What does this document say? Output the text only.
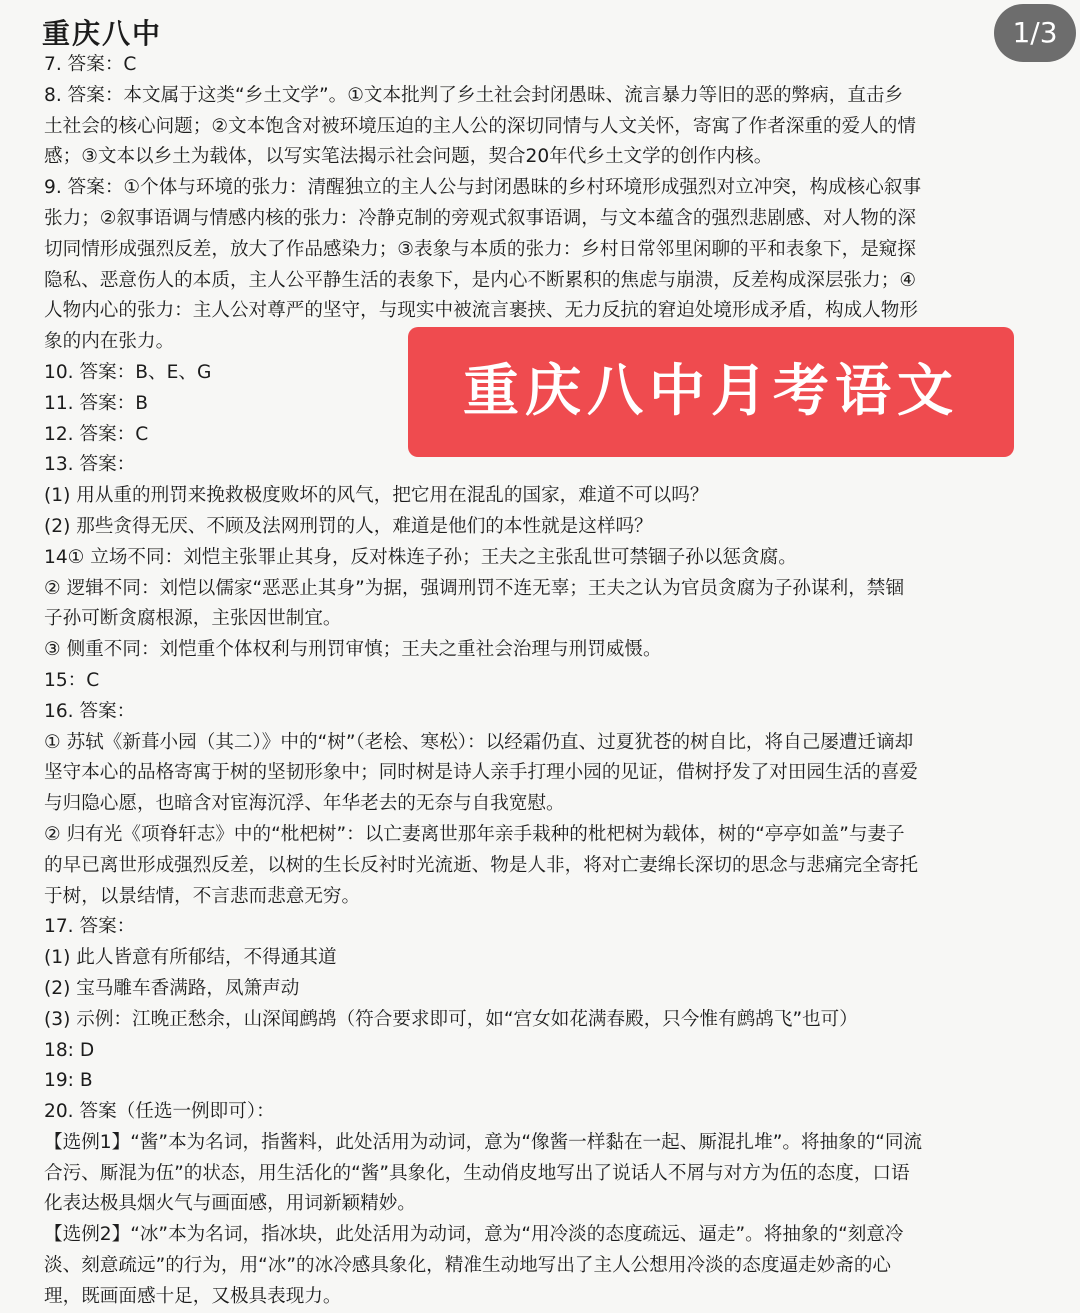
重庆八中	1/3
7. 答案：C
8. 答案：本文属于这类“乡土文学”。①文本批判了乡土社会封闭愚昧、流言暴力等旧的恶的弊病，直击乡
土社会的核心问题；②文本饱含对被环境压迫的主人公的深切同情与人文关怀，寄寓了作者深重的爱人的情
感；③文本以乡土为载体，以写实笔法揭示社会问题，契合20年代乡土文学的创作内核。
9. 答案：①个体与环境的张力：清醒独立的主人公与封闭愚昧的乡村环境形成强烈对立冲突，构成核心叙事
张力；②叙事语调与情感内核的张力：冷静克制的旁观式叙事语调，与文本蕴含的强烈悲剧感、对人物的深
切同情形成强烈反差，放大了作品感染力；③表象与本质的张力：乡村日常邻里闲聊的平和表象下，是窥探
隐私、恶意伤人的本质，主人公平静生活的表象下，是内心不断累积的焦虑与崩溃，反差构成深层张力；④
人物内心的张力：主人公对尊严的坚守，与现实中被流言裹挟、无力反抗的窘迫处境形成矛盾，构成人物形
象的内在张力。
10. 答案：B、E、G
11. 答案：B
12. 答案：C
13. 答案：
(1) 用从重的刑罚来挽救极度败坏的风气，把它用在混乱的国家，难道不可以吗？
(2) 那些贪得无厌、不顾及法网刑罚的人，难道是他们的本性就是这样吗？
14① 立场不同：刘恺主张罪止其身，反对株连子孙；王夫之主张乱世可禁锢子孙以惩贪腐。
② 逻辑不同：刘恺以儒家“恶恶止其身”为据，强调刑罚不连无辜；王夫之认为官员贪腐为子孙谋利，禁锢
子孙可断贪腐根源，主张因世制宜。
③ 侧重不同：刘恺重个体权利与刑罚审慎；王夫之重社会治理与刑罚威慑。
15：C
16. 答案：
① 苏轼《新葺小园（其二）》中的“树”（老桧、寒松）：以经霜仍直、过夏犹苍的树自比，将自己屡遭迁谪却
坚守本心的品格寄寓于树的坚韧形象中；同时树是诗人亲手打理小园的见证，借树抒发了对田园生活的喜爱
与归隐心愿，也暗含对宦海沉浮、年华老去的无奈与自我宽慰。
② 归有光《项脊轩志》中的“枇杷树”：以亡妻离世那年亲手栽种的枇杷树为载体，树的“亭亭如盖”与妻子
的早已离世形成强烈反差，以树的生长反衬时光流逝、物是人非，将对亡妻绵长深切的思念与悲痛完全寄托
于树，以景结情，不言悲而悲意无穷。
17. 答案：
(1) 此人皆意有所郁结，不得通其道
(2) 宝马雕车香满路，凤箫声动
(3) 示例：江晚正愁余，山深闻鹧鸪（符合要求即可，如“宫女如花满春殿，只今惟有鹧鸪飞”也可）
18: D
19: B
20. 答案（任选一例即可）：
【选例1】“酱”本为名词，指酱料，此处活用为动词，意为“像酱一样黏在一起、厮混扎堆”。将抽象的“同流
合污、厮混为伍”的状态，用生活化的“酱”具象化，生动俏皮地写出了说话人不屑与对方为伍的态度，口语
化表达极具烟火气与画面感，用词新颖精妙。
【选例2】“冰”本为名词，指冰块，此处活用为动词，意为“用冷淡的态度疏远、逼走”。将抽象的“刻意冷
淡、刻意疏远”的行为，用“冰”的冰冷感具象化，精准生动地写出了主人公想用冷淡的态度逼走妙斋的心
理，既画面感十足，又极具表现力。
重庆八中月考语文
